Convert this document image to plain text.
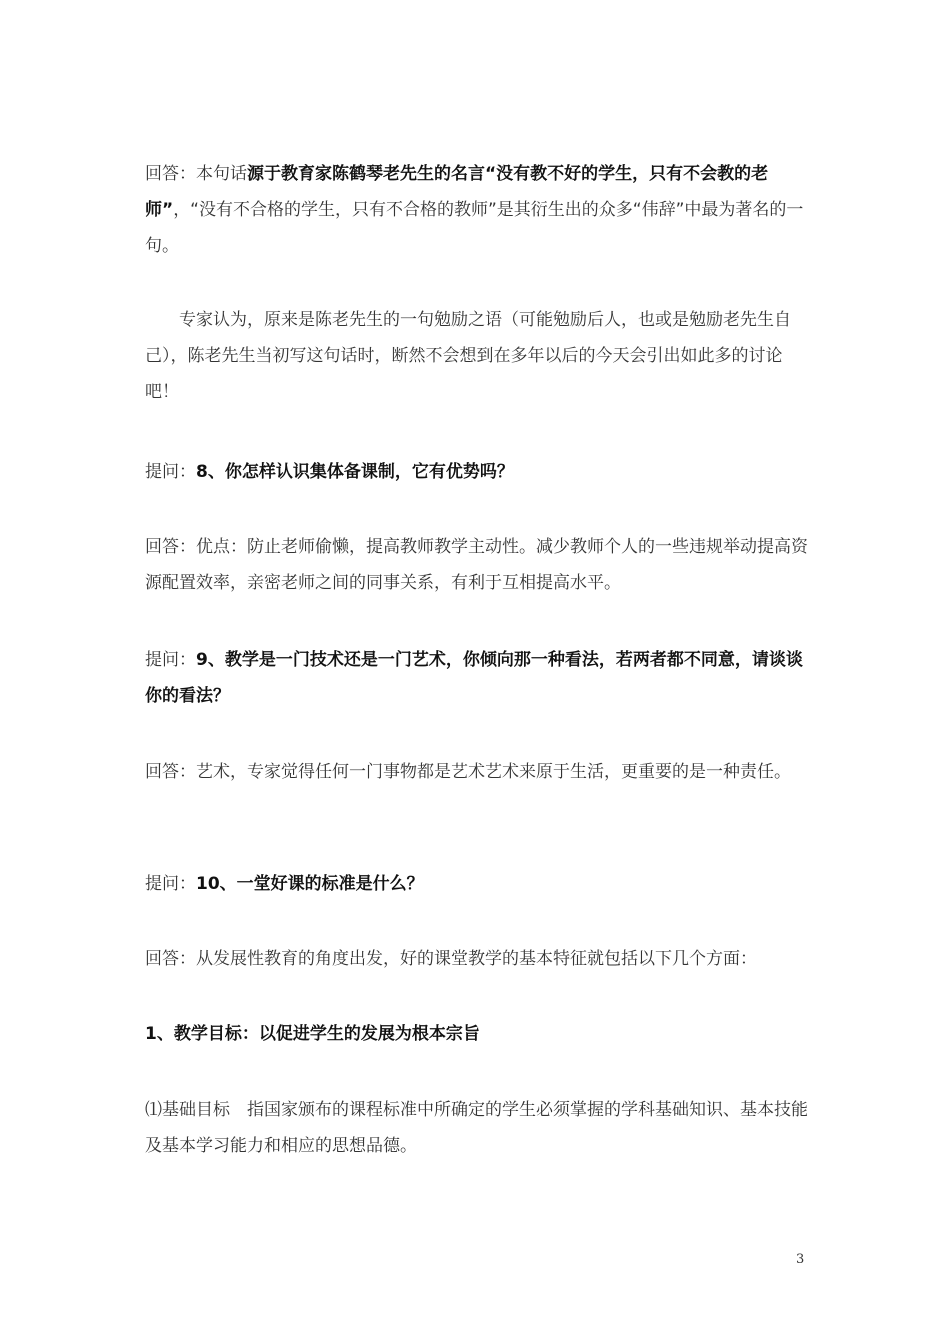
回答：本句话源于教育家陈鹤琴老先生的名言“没有教不好的学生，只有不会教的老师”，“没有不合格的学生，只有不合格的教师”是其衍生出的众多“伟辞”中最为著名的一句。

专家认为，原来是陈老先生的一句勉励之语（可能勉励后人，也或是勉励老先生自己），陈老先生当初写这句话时，断然不会想到在多年以后的今天会引出如此多的讨论吧！

提问：8、你怎样认识集体备课制，它有优势吗？

回答：优点：防止老师偷懒，提高教师教学主动性。减少教师个人的一些违规举动提高资源配置效率，亲密老师之间的同事关系，有利于互相提高水平。

提问：9、教学是一门技术还是一门艺术，你倾向那一种看法，若两者都不同意，请谈谈你的看法？

回答：艺术，专家觉得任何一门事物都是艺术艺术来原于生活，更重要的是一种责任。

提问：10、一堂好课的标准是什么？

回答：从发展性教育的角度出发，好的课堂教学的基本特征就包括以下几个方面：

1、教学目标：以促进学生的发展为根本宗旨

⑴基础目标　指国家颁布的课程标准中所确定的学生必须掌握的学科基础知识、基本技能及基本学习能力和相应的思想品德。

3
